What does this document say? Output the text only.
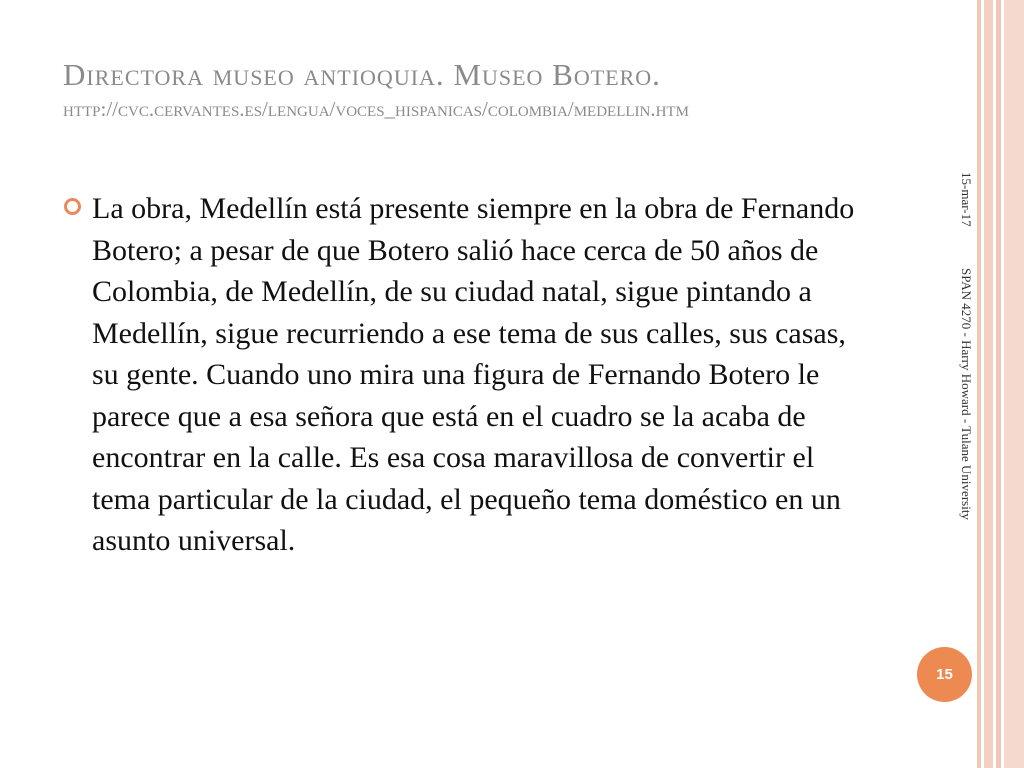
Directora museo antioquia. Museo Botero.
http://cvc.cervantes.es/lengua/voces_hispanicas/colombia/medellin.htm
La obra, Medellín está presente siempre en la obra de Fernando Botero; a pesar de que Botero salió hace cerca de 50 años de Colombia, de Medellín, de su ciudad natal, sigue pintando a Medellín, sigue recurriendo a ese tema de sus calles, sus casas, su gente. Cuando uno mira una figura de Fernando Botero le parece que a esa señora que está en el cuadro se la acaba de encontrar en la calle. Es esa cosa maravillosa de convertir el tema particular de la ciudad, el pequeño tema doméstico en un asunto universal.
15-mar-17
SPAN 4270 - Harry Howard - Tulane University
15
